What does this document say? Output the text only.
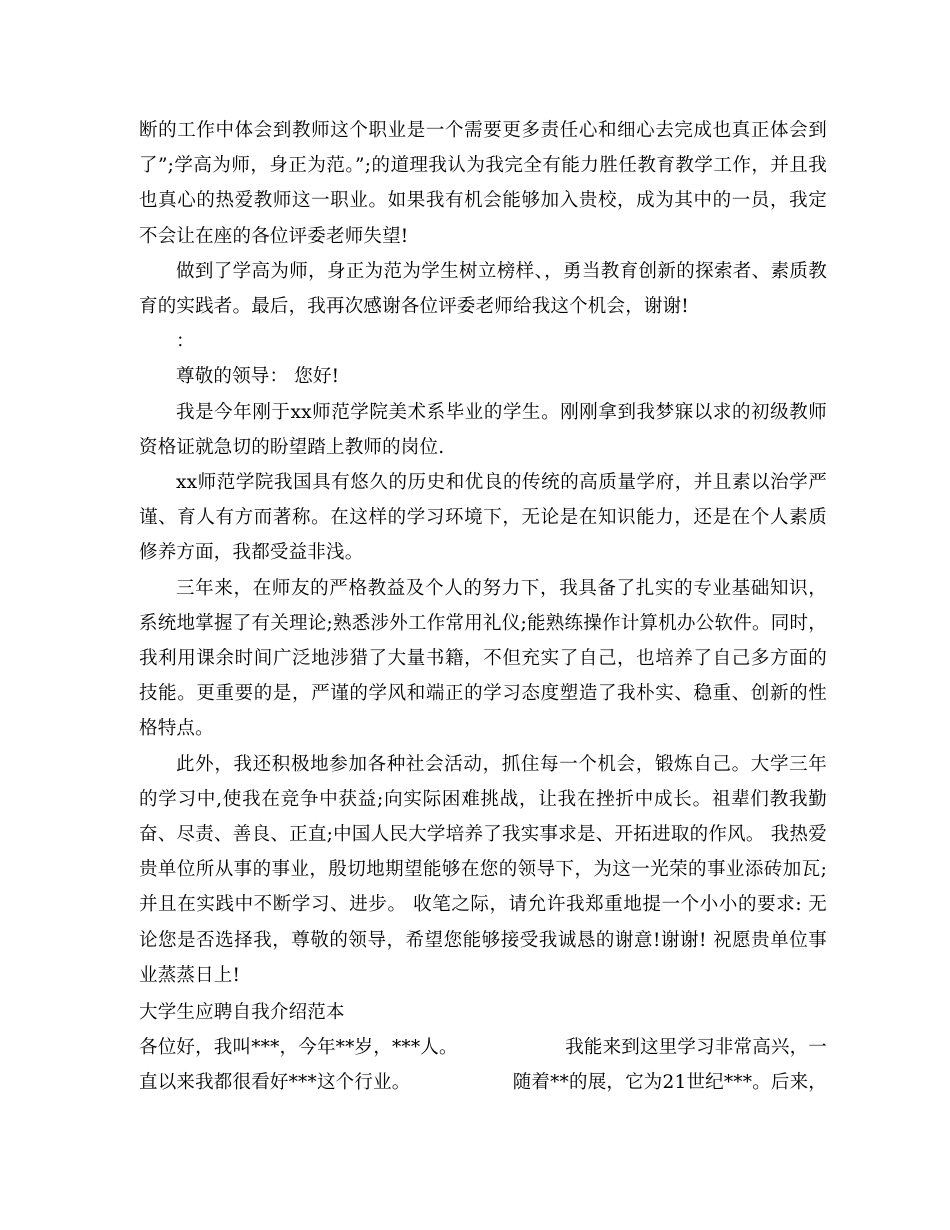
断的工作中体会到教师这个职业是一个需要更多责任心和细心去完成也真正体会到了”;学高为师，身正为范。”;的道理我认为我完全有能力胜任教育教学工作，并且我也真心的热爱教师这一职业。如果我有机会能够加入贵校，成为其中的一员，我定不会让在座的各位评委老师失望!

做到了学高为师，身正为范为学生树立榜样、，勇当教育创新的探索者、素质教育的实践者。最后，我再次感谢各位评委老师给我这个机会，谢谢!

：

尊敬的领导： 您好!

我是今年刚于xx师范学院美术系毕业的学生。刚刚拿到我梦寐以求的初级教师资格证就急切的盼望踏上教师的岗位.

xx师范学院我国具有悠久的历史和优良的传统的高质量学府，并且素以治学严谨、育人有方而著称。在这样的学习环境下，无论是在知识能力，还是在个人素质修养方面，我都受益非浅。

三年来，在师友的严格教益及个人的努力下，我具备了扎实的专业基础知识，系统地掌握了有关理论;熟悉涉外工作常用礼仪;能熟练操作计算机办公软件。同时，我利用课余时间广泛地涉猎了大量书籍，不但充实了自己，也培养了自己多方面的技能。更重要的是，严谨的学风和端正的学习态度塑造了我朴实、稳重、创新的性格特点。

此外，我还积极地参加各种社会活动，抓住每一个机会，锻炼自己。大学三年的学习中,使我在竞争中获益;向实际困难挑战，让我在挫折中成长。祖辈们教我勤奋、尽责、善良、正直;中国人民大学培养了我实事求是、开拓进取的作风。 我热爱贵单位所从事的事业，殷切地期望能够在您的领导下，为这一光荣的事业添砖加瓦;并且在实践中不断学习、进步。 收笔之际，请允许我郑重地提一个小小的要求: 无论您是否选择我，尊敬的领导，希望您能够接受我诚恳的谢意!谢谢! 祝愿贵单位事业蒸蒸日上!

大学生应聘自我介绍范本

各位好，我叫***，今年**岁，***人。	我能来到这里学习非常高兴，一
直以来我都很看好***这个行业。	随着**的展，它为21世纪***。后来，
